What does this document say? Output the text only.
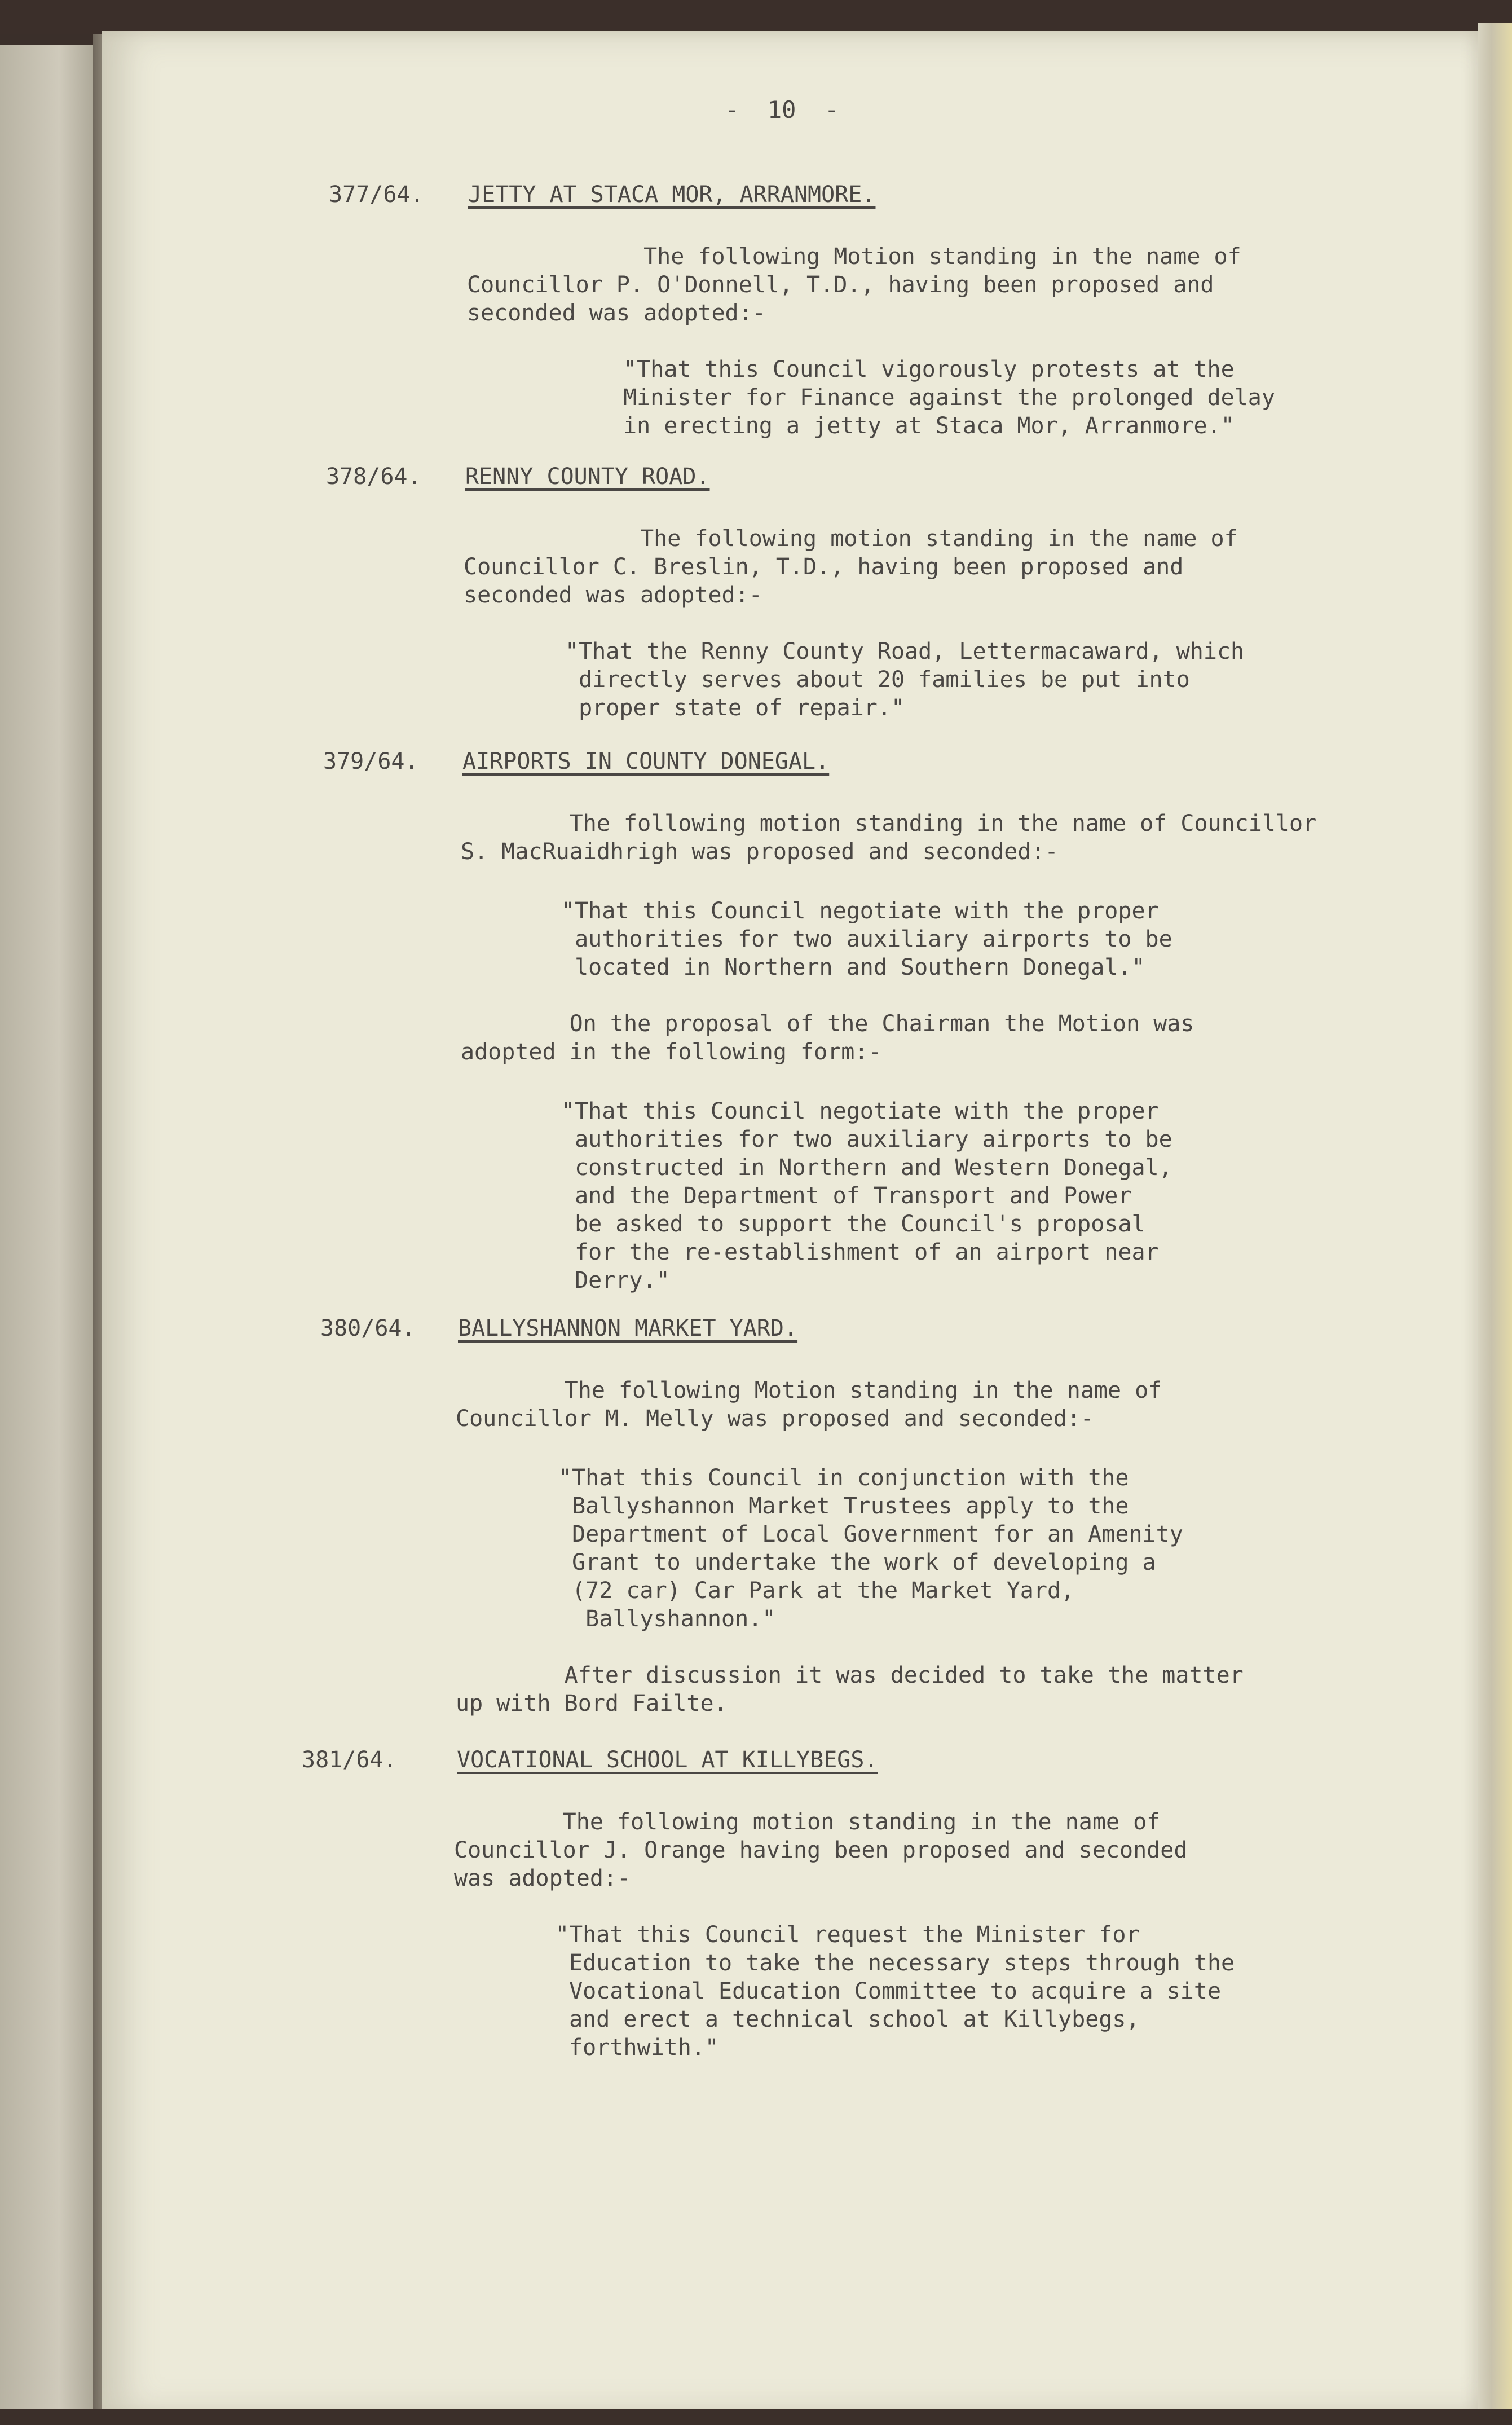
-  10  -

377/64. JETTY AT STACA MOR, ARRANMORE.

The following Motion standing in the name of
Councillor P. O'Donnell, T.D., having been proposed and
seconded was adopted:-

"That this Council vigorously protests at the
Minister for Finance against the prolonged delay
in erecting a jetty at Staca Mor, Arranmore."

378/64. RENNY COUNTY ROAD.

The following motion standing in the name of
Councillor C. Breslin, T.D., having been proposed and
seconded was adopted:-

"That the Renny County Road, Lettermacaward, which
directly serves about 20 families be put into
proper state of repair."

379/64. AIRPORTS IN COUNTY DONEGAL.

The following motion standing in the name of Councillor
S. MacRuaidhrigh was proposed and seconded:-

"That this Council negotiate with the proper
authorities for two auxiliary airports to be
located in Northern and Southern Donegal."

On the proposal of the Chairman the Motion was
adopted in the following form:-

"That this Council negotiate with the proper
authorities for two auxiliary airports to be
constructed in Northern and Western Donegal,
and the Department of Transport and Power
be asked to support the Council's proposal
for the re-establishment of an airport near
Derry."

380/64. BALLYSHANNON MARKET YARD.

The following Motion standing in the name of
Councillor M. Melly was proposed and seconded:-

"That this Council in conjunction with the
Ballyshannon Market Trustees apply to the
Department of Local Government for an Amenity
Grant to undertake the work of developing a
(72 car) Car Park at the Market Yard,
Ballyshannon."

After discussion it was decided to take the matter
up with Bord Failte.

381/64.	VOCATIONAL SCHOOL AT KILLYBEGS.

The following motion standing in the name of
Councillor J. Orange having been proposed and seconded
was adopted:-

"That this Council request the Minister for
Education to take the necessary steps through the
Vocational Education Committee to acquire a site
and erect a technical school at Killybegs,
forthwith."
